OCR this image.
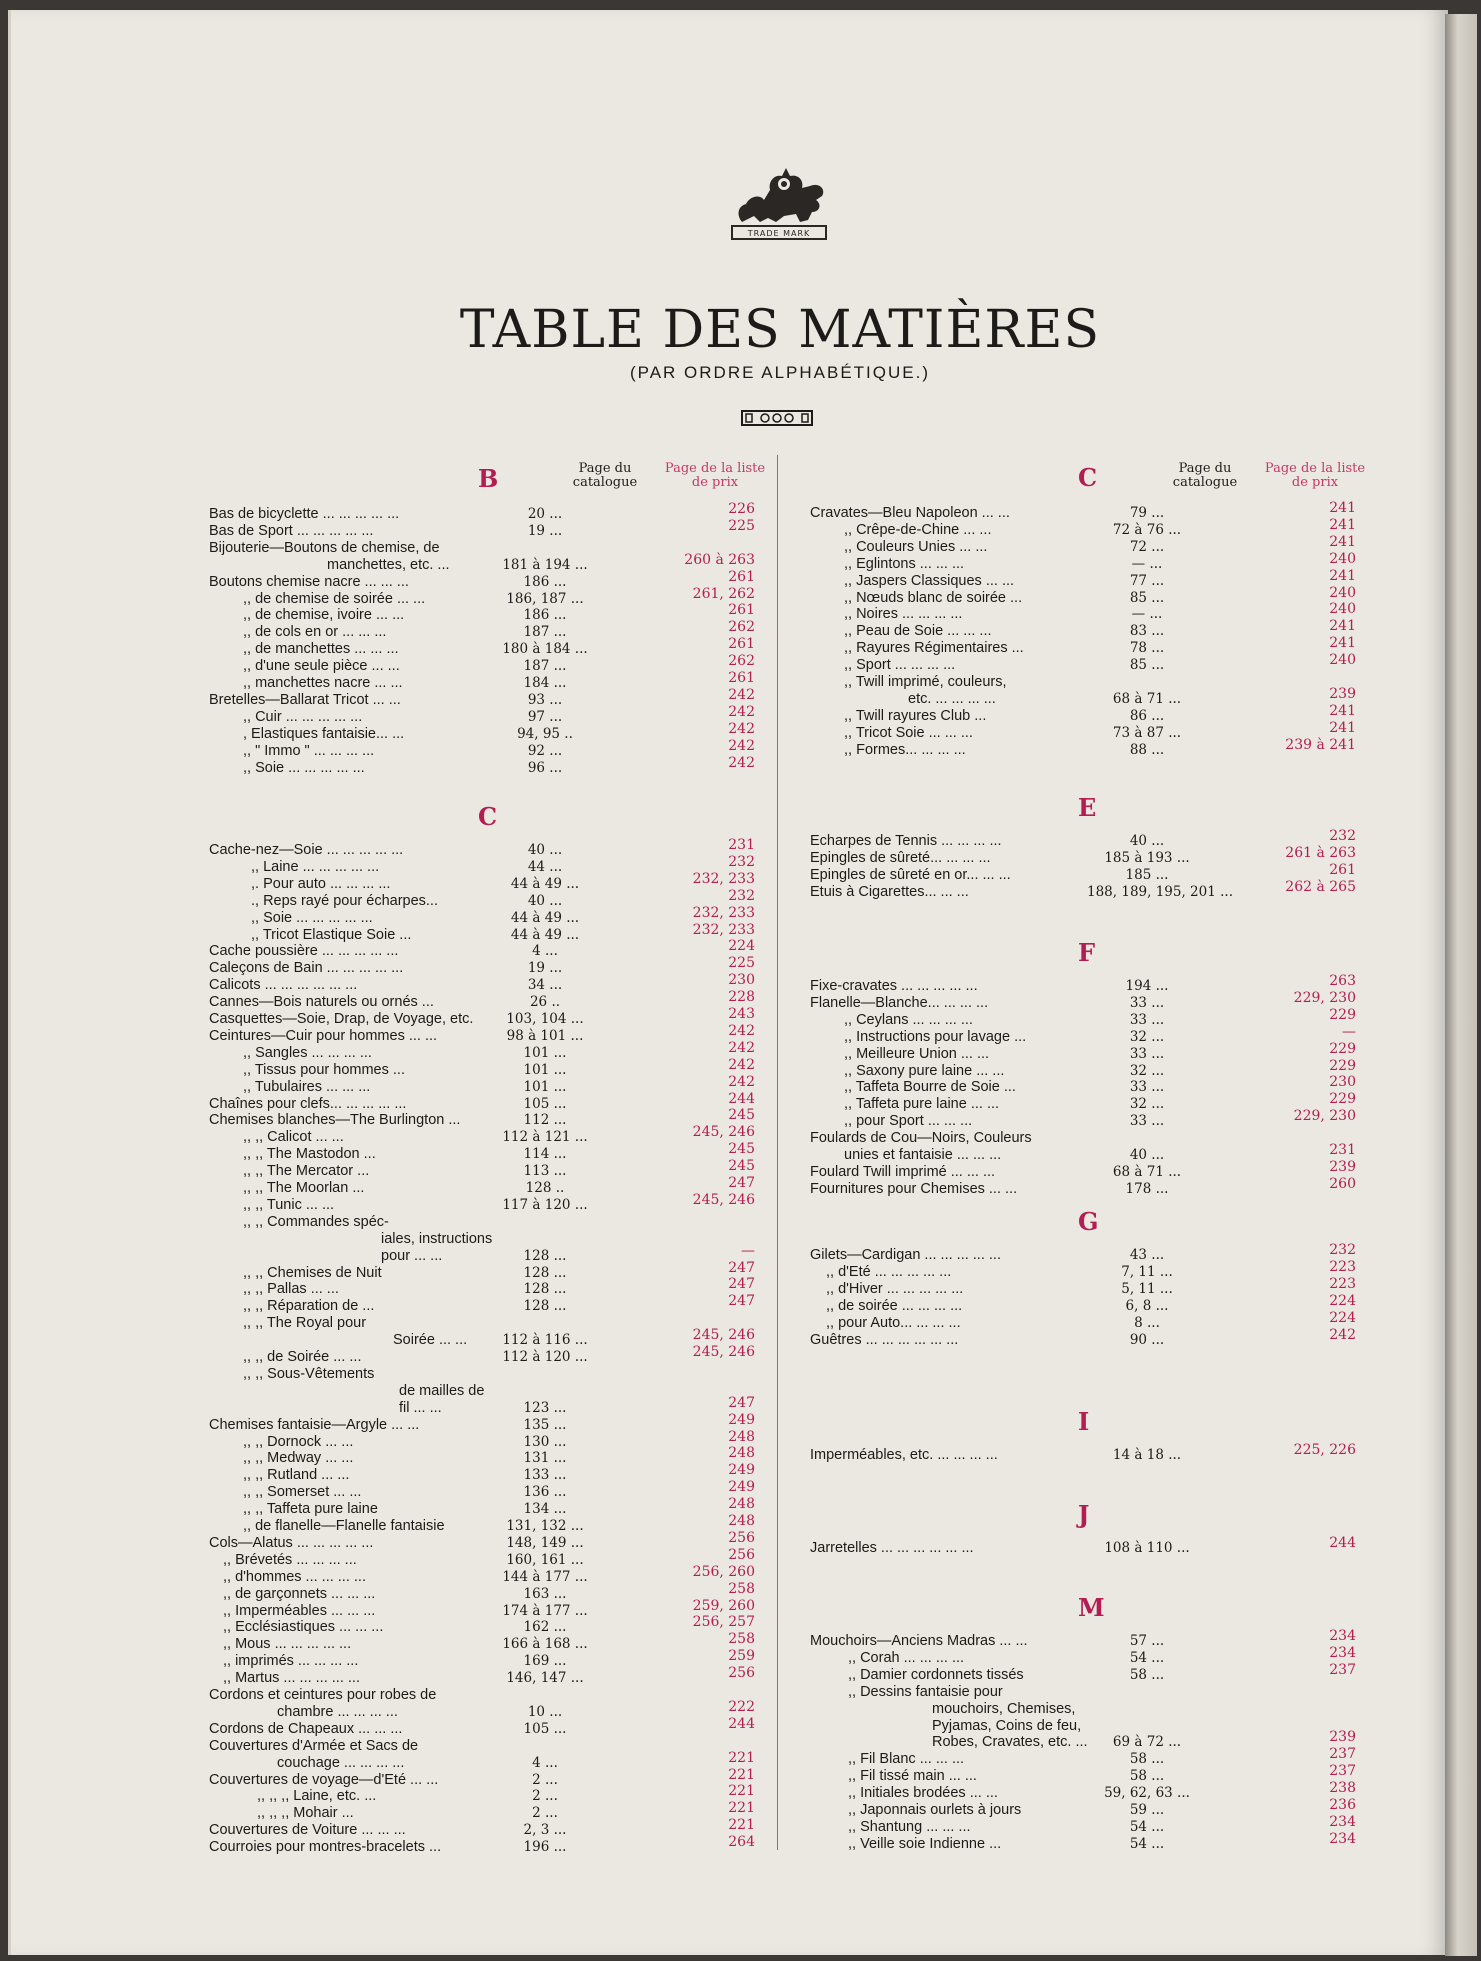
TRADE MARK
TABLE DES MATIÈRES
(PAR ORDRE ALPHABÉTIQUE.)
Page du catalogue
Page de la liste de prix
B
Bas de bicyclette ... ... ... ... ...	20 ...	226
Bas de Sport ... ... ... ... ...	19 ...	225
Bijouterie—Boutons de chemise, de
manchettes, etc. ...	181 à 194 ...	260 à 263
Boutons chemise nacre ... ... ...	186 ...	261
,, de chemise de soirée ... ...	186, 187 ...	261, 262
,, de chemise, ivoire ... ...	186 ...	261
,, de cols en or ... ... ...	187 ...	262
,, de manchettes ... ... ...	180 à 184 ...	261
,, d'une seule pièce ... ...	187 ...	262
,, manchettes nacre ... ...	184 ...	261
Bretelles—Ballarat Tricot ... ...	93 ...	242
,, Cuir ... ... ... ... ...	97 ...	242
, Elastiques fantaisie... ...	94, 95 ..	242
,, " Immo " ... ... ... ...	92 ...	242
,, Soie ... ... ... ... ...	96 ...	242
C
Cache-nez—Soie ... ... ... ... ...	40 ...	231
,, Laine ... ... ... ... ...	44 ...	232
,. Pour auto ... ... ... ...	44 à 49 ...	232, 233
., Reps rayé pour écharpes...	40 ...	232
,, Soie ... ... ... ... ...	44 à 49 ...	232, 233
,, Tricot Elastique Soie ...	44 à 49 ...	232, 233
Cache poussière ... ... ... ... ...	4 ...	224
Caleçons de Bain ... ... ... ... ...	19 ...	225
Calicots ... ... ... ... ... ...	34 ...	230
Cannes—Bois naturels ou ornés ...	26 ..	228
Casquettes—Soie, Drap, de Voyage, etc.	103, 104 ...	243
Ceintures—Cuir pour hommes ... ...	98 à 101 ...	242
,, Sangles ... ... ... ...	101 ...	242
,, Tissus pour hommes ...	101 ...	242
,, Tubulaires ... ... ...	101 ...	242
Chaînes pour clefs... ... ... ... ...	105 ...	244
Chemises blanches—The Burlington ...	112 ...	245
,, ,, Calicot ... ...	112 à 121 ...	245, 246
,, ,, The Mastodon ...	114 ...	245
,, ,, The Mercator ...	113 ...	245
,, ,, The Moorlan ...	128 ..	247
,, ,, Tunic ... ...	117 à 120 ...	245, 246
,, ,, Commandes spéc-
iales, instructions
pour ... ...	128 ...	—
,, ,, Chemises de Nuit	128 ...	247
,, ,, Pallas ... ...	128 ...	247
,, ,, Réparation de ...	128 ...	247
,, ,, The Royal pour
Soirée ... ...	112 à 116 ...	245, 246
,, ,, de Soirée ... ...	112 à 120 ...	245, 246
,, ,, Sous-Vêtements
de mailles de
fil ... ...	123 ...	247
Chemises fantaisie—Argyle ... ...	135 ...	249
,, ,, Dornock ... ...	130 ...	248
,, ,, Medway ... ...	131 ...	248
,, ,, Rutland ... ...	133 ...	249
,, ,, Somerset ... ...	136 ...	249
,, ,, Taffeta pure laine	134 ...	248
,, de flanelle—Flanelle fantaisie	131, 132 ...	248
Cols—Alatus ... ... ... ... ...	148, 149 ...	256
,, Brévetés ... ... ... ...	160, 161 ...	256
,, d'hommes ... ... ... ...	144 à 177 ...	256, 260
,, de garçonnets ... ... ...	163 ...	258
,, Imperméables ... ... ...	174 à 177 ...	259, 260
,, Ecclésiastiques ... ... ...	162 ...	256, 257
,, Mous ... ... ... ... ...	166 à 168 ...	258
,, imprimés ... ... ... ...	169 ...	259
,, Martus ... ... ... ... ...	146, 147 ...	256
Cordons et ceintures pour robes de
chambre ... ... ... ...	10 ...	222
Cordons de Chapeaux ... ... ...	105 ...	244
Couvertures d'Armée et Sacs de
couchage ... ... ... ...	4 ...	221
Couvertures de voyage—d'Eté ... ...	2 ...	221
,, ,, ,, Laine, etc. ...	2 ...	221
,, ,, ,, Mohair ...	2 ...	221
Couvertures de Voiture ... ... ...	2, 3 ...	221
Courroies pour montres-bracelets ...	196 ...	264
Page du catalogue
Page de la liste de prix
C
Cravates—Bleu Napoleon ... ...	79 ...	241
,, Crêpe-de-Chine ... ...	72 à 76 ...	241
,, Couleurs Unies ... ...	72 ...	241
,, Eglintons ... ... ...	— ...	240
,, Jaspers Classiques ... ...	77 ...	241
,, Nœuds blanc de soirée ...	85 ...	240
,, Noires ... ... ... ...	— ...	240
,, Peau de Soie ... ... ...	83 ...	241
,, Rayures Régimentaires ...	78 ...	241
,, Sport ... ... ... ...	85 ...	240
,, Twill imprimé, couleurs,
etc. ... ... ... ...	68 à 71 ...	239
,, Twill rayures Club ...	86 ...	241
,, Tricot Soie ... ... ...	73 à 87 ...	241
,, Formes... ... ... ...	88 ...	239 à 241
E
Echarpes de Tennis ... ... ... ...	40 ...	232
Epingles de sûreté... ... ... ...	185 à 193 ...	261 à 263
Epingles de sûreté en or... ... ...	185 ...	261
Etuis à Cigarettes... ... ...	188, 189, 195, 201 ...	262 à 265
F
Fixe-cravates ... ... ... ... ...	194 ...	263
Flanelle—Blanche... ... ... ...	33 ...	229, 230
,, Ceylans ... ... ... ...	33 ...	229
,, Instructions pour lavage ...	32 ...	—
,, Meilleure Union ... ...	33 ...	229
,, Saxony pure laine ... ...	32 ...	229
,, Taffeta Bourre de Soie ...	33 ...	230
,, Taffeta pure laine ... ...	32 ...	229
,, pour Sport ... ... ...	33 ...	229, 230
Foulards de Cou—Noirs, Couleurs
unies et fantaisie ... ... ...	40 ...	231
Foulard Twill imprimé ... ... ...	68 à 71 ...	239
Fournitures pour Chemises ... ...	178 ...	260
G
Gilets—Cardigan ... ... ... ... ...	43 ...	232
,, d'Eté ... ... ... ... ...	7, 11 ...	223
,, d'Hiver ... ... ... ... ...	5, 11 ...	223
,, de soirée ... ... ... ...	6, 8 ...	224
,, pour Auto... ... ... ...	8 ...	224
Guêtres ... ... ... ... ... ...	90 ...	242
I
Imperméables, etc. ... ... ... ...	14 à 18 ...	225, 226
J
Jarretelles ... ... ... ... ... ...	108 à 110 ...	244
M
Mouchoirs—Anciens Madras ... ...	57 ...	234
,, Corah ... ... ... ...	54 ...	234
,, Damier cordonnets tissés	58 ...	237
,, Dessins fantaisie pour
mouchoirs, Chemises,
Pyjamas, Coins de feu,
Robes, Cravates, etc. ...	69 à 72 ...	239
,, Fil Blanc ... ... ...	58 ...	237
,, Fil tissé main ... ...	58 ...	237
,, Initiales brodées ... ...	59, 62, 63 ...	238
,, Japonnais ourlets à jours	59 ...	236
,, Shantung ... ... ...	54 ...	234
,, Veille soie Indienne ...	54 ...	234
